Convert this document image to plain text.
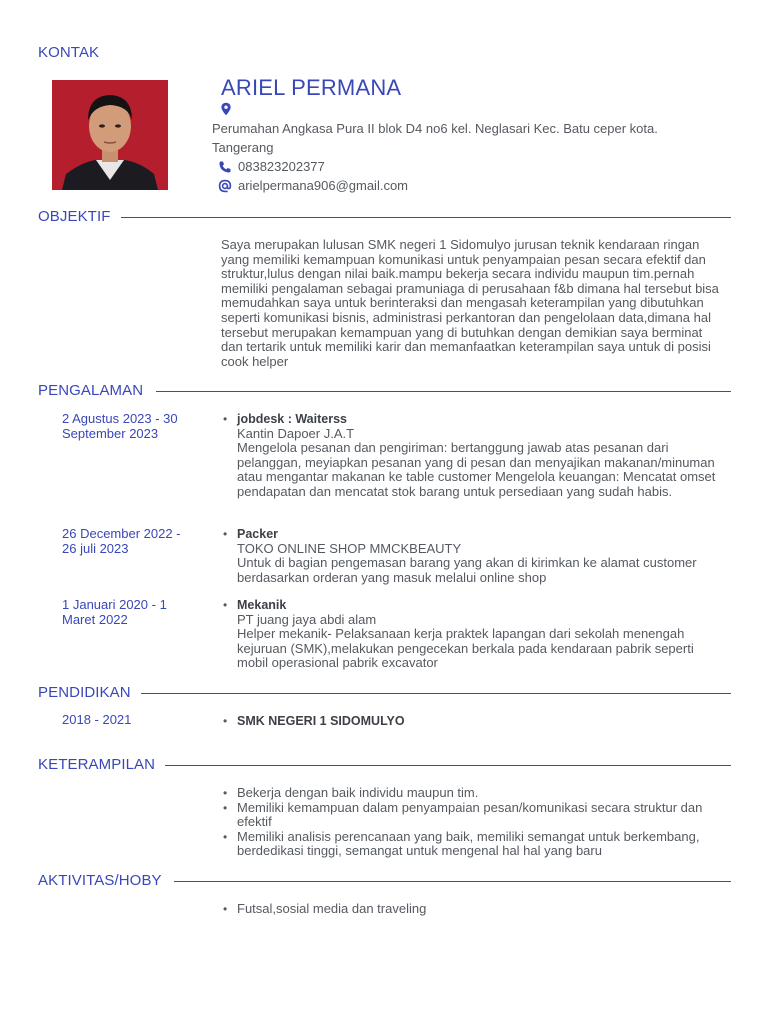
KONTAK
ARIEL PERMANA
Perumahan Angkasa Pura II blok D4 no6 kel. Neglasari Kec. Batu ceper kota. Tangerang
083823202377
arielpermana906@gmail.com
OBJEKTIF
Saya merupakan lulusan SMK negeri 1 Sidomulyo jurusan teknik kendaraan ringan yang memiliki kemampuan komunikasi untuk penyampaian pesan secara efektif dan struktur,lulus dengan nilai baik.mampu bekerja secara individu maupun tim.pernah memiliki pengalaman sebagai pramuniaga di perusahaan f&b dimana hal tersebut bisa memudahkan saya untuk berinteraksi dan mengasah keterampilan yang dibutuhkan seperti komunikasi bisnis, administrasi perkantoran dan pengelolaan data,dimana hal tersebut merupakan kemampuan yang di butuhkan dengan demikian saya berminat dan tertarik untuk memiliki karir dan memanfaatkan keterampilan saya untuk di posisi cook helper
PENGALAMAN
2 Agustus 2023 - 30 September 2023
• jobdesk : Waiterss
Kantin Dapoer J.A.T
Mengelola pesanan dan pengiriman: bertanggung jawab atas pesanan dari pelanggan, meyiapkan pesanan yang di pesan dan menyajikan makanan/minuman atau mengantar makanan ke table customer Mengelola keuangan: Mencatat omset pendapatan dan mencatat stok barang untuk persediaan yang sudah habis.
26 December 2022 - 26 juli 2023
• Packer
TOKO ONLINE SHOP MMCKBEAUTY
Untuk di bagian pengemasan barang yang akan di kirimkan ke alamat customer berdasarkan orderan yang masuk melalui online shop
1 Januari 2020 - 1 Maret 2022
• Mekanik
PT juang jaya abdi alam
Helper mekanik- Pelaksanaan kerja praktek lapangan dari sekolah menengah kejuruan (SMK),melakukan pengecekan berkala pada kendaraan pabrik seperti mobil operasional pabrik excavator
PENDIDIKAN
2018 - 2021	• SMK NEGERI 1 SIDOMULYO
KETERAMPILAN
• Bekerja dengan baik individu maupun tim.
• Memiliki kemampuan dalam penyampaian pesan/komunikasi secara struktur dan efektif
• Memiliki analisis perencanaan yang baik, memiliki semangat untuk berkembang, berdedikasi tinggi, semangat untuk mengenal hal hal yang baru
AKTIVITAS/HOBY
• Futsal,sosial media dan traveling
